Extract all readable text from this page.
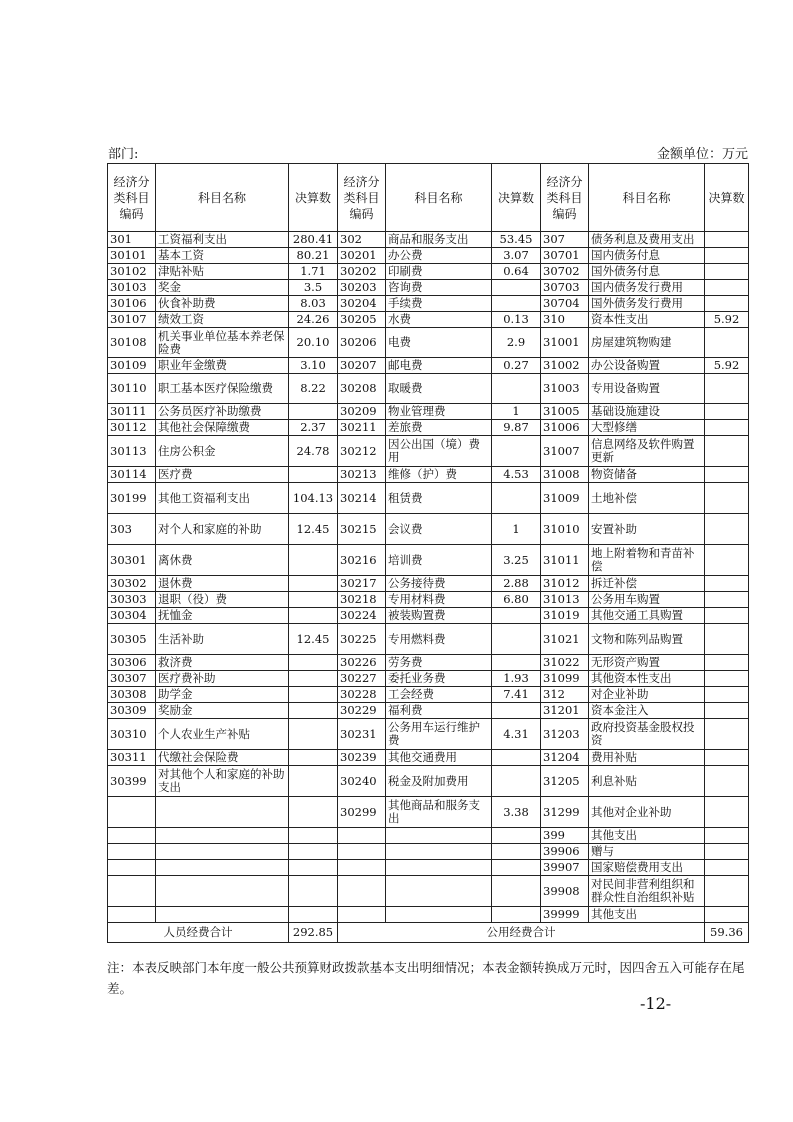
部门:	金额单位：万元
经济分类科目编码	科目名称	决算数	经济分类科目编码	科目名称	决算数	经济分类科目编码	科目名称	决算数
301	工资福利支出	280.41	302	商品和服务支出	53.45	307	债务利息及费用支出	
30101	基本工资	80.21	30201	办公费	3.07	30701	国内债务付息	
30102	津贴补贴	1.71	30202	印刷费	0.64	30702	国外债务付息	
30103	奖金	3.5	30203	咨询费		30703	国内债务发行费用	
30106	伙食补助费	8.03	30204	手续费		30704	国外债务发行费用	
30107	绩效工资	24.26	30205	水费	0.13	310	资本性支出	5.92
30108	机关事业单位基本养老保险费	20.10	30206	电费	2.9	31001	房屋建筑物购建	
30109	职业年金缴费	3.10	30207	邮电费	0.27	31002	办公设备购置	5.92
30110	职工基本医疗保险缴费	8.22	30208	取暖费		31003	专用设备购置	
30111	公务员医疗补助缴费		30209	物业管理费	1	31005	基础设施建设	
30112	其他社会保障缴费	2.37	30211	差旅费	9.87	31006	大型修缮	
30113	住房公积金	24.78	30212	因公出国（境）费用		31007	信息网络及软件购置更新	
30114	医疗费		30213	维修（护）费	4.53	31008	物资储备	
30199	其他工资福利支出	104.13	30214	租赁费		31009	土地补偿	
303	对个人和家庭的补助	12.45	30215	会议费	1	31010	安置补助	
30301	离休费		30216	培训费	3.25	31011	地上附着物和青苗补偿	
30302	退休费		30217	公务接待费	2.88	31012	拆迁补偿	
30303	退职（役）费		30218	专用材料费	6.80	31013	公务用车购置	
30304	抚恤金		30224	被装购置费		31019	其他交通工具购置	
30305	生活补助	12.45	30225	专用燃料费		31021	文物和陈列品购置	
30306	救济费		30226	劳务费		31022	无形资产购置	
30307	医疗费补助		30227	委托业务费	1.93	31099	其他资本性支出	
30308	助学金		30228	工会经费	7.41	312	对企业补助	
30309	奖励金		30229	福利费		31201	资本金注入	
30310	个人农业生产补贴		30231	公务用车运行维护费	4.31	31203	政府投资基金股权投资	
30311	代缴社会保险费		30239	其他交通费用		31204	费用补贴	
30399	对其他个人和家庭的补助支出		30240	税金及附加费用		31205	利息补贴	
			30299	其他商品和服务支出	3.38	31299	其他对企业补助	
						399	其他支出	
						39906	赠与	
						39907	国家赔偿费用支出	
						39908	对民间非营利组织和群众性自治组织补贴	
						39999	其他支出	
人员经费合计		292.85	公用经费合计					59.36
注：本表反映部门本年度一般公共预算财政拨款基本支出明细情况；本表金额转换成万元时，因四舍五入可能存在尾差。
-12-
